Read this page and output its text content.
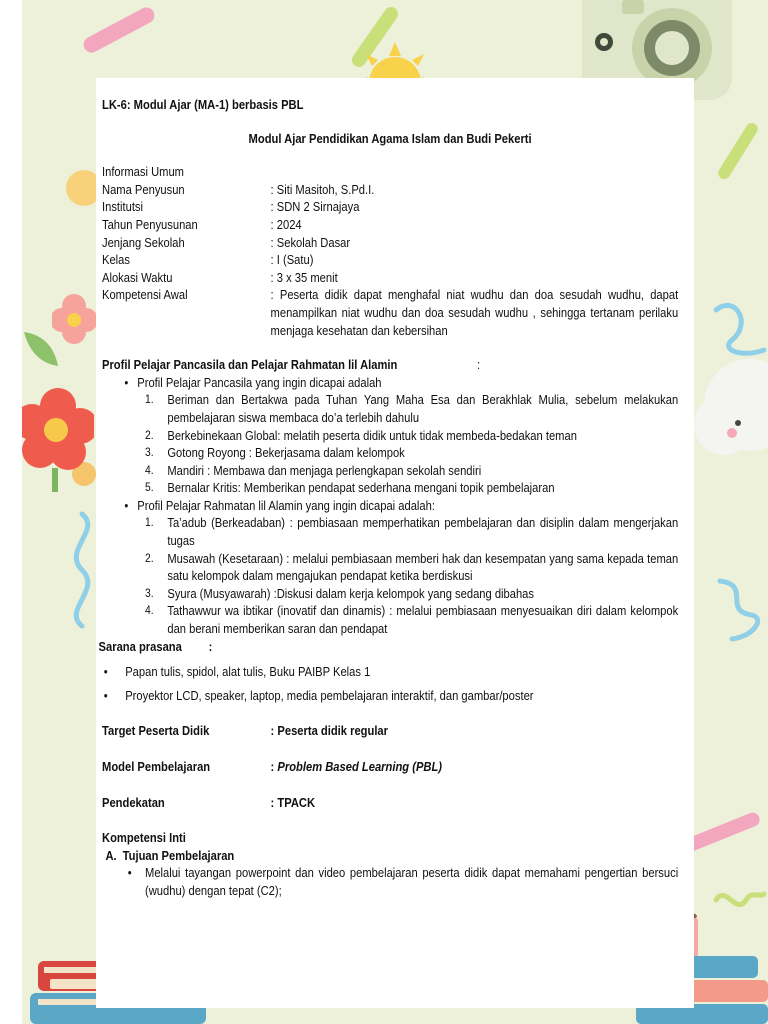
LK-6: Modul Ajar (MA-1) berbasis PBL
Modul Ajar Pendidikan Agama Islam dan Budi Pekerti
Informasi Umum
Nama Penyusun	: Siti Masitoh, S.Pd.I.
Institutsi	: SDN 2 Sirnajaya
Tahun Penyusunan	: 2024
Jenjang Sekolah	: Sekolah Dasar
Kelas	: I (Satu)
Alokasi Waktu	: 3 x 35 menit
Kompetensi Awal	: Peserta didik dapat menghafal niat wudhu dan doa sesudah wudhu, dapat menampilkan niat wudhu dan doa sesudah wudhu , sehingga tertanam perilaku menjaga kesehatan dan kebersihan
Profil Pelajar Pancasila dan Pelajar Rahmatan lil Alamin	:
• Profil Pelajar Pancasila yang ingin dicapai adalah
1.	Beriman dan Bertakwa pada Tuhan Yang Maha Esa dan Berakhlak Mulia, sebelum melakukan pembelajaran siswa membaca do’a terlebih dahulu
2.	Berkebinekaan Global: melatih peserta didik untuk tidak membeda-bedakan teman
3.	Gotong Royong : Bekerjasama dalam kelompok
4.	Mandiri : Membawa dan menjaga perlengkapan sekolah sendiri
5.	Bernalar Kritis: Memberikan pendapat sederhana mengani topik pembelajaran
• Profil Pelajar Rahmatan lil Alamin yang ingin dicapai adalah:
1.	Ta’adub (Berkeadaban) : pembiasaan memperhatikan pembelajaran dan disiplin dalam mengerjakan tugas
2.	Musawah (Kesetaraan) : melalui pembiasaan memberi hak dan kesempatan yang sama kepada teman satu kelompok dalam mengajukan pendapat ketika berdiskusi
3.	Syura (Musyawarah) :Diskusi dalam kerja kelompok yang sedang dibahas
4.	Tathawwur wa ibtikar (inovatif dan dinamis) : melalui pembiasaan menyesuaikan diri dalam kelompok dan berani memberikan saran dan pendapat
Sarana prasana	:
•	Papan tulis, spidol, alat tulis, Buku PAIBP Kelas 1
•	Proyektor LCD, speaker, laptop, media pembelajaran interaktif, dan gambar/poster
Target Peserta Didik	: Peserta didik regular
Model Pembelajaran	: Problem Based Learning (PBL)
Pendekatan	: TPACK
Kompetensi Inti
A. Tujuan Pembelajaran
•	Melalui tayangan powerpoint dan video pembelajaran peserta didik dapat memahami pengertian bersuci (wudhu) dengan tepat (C2);
